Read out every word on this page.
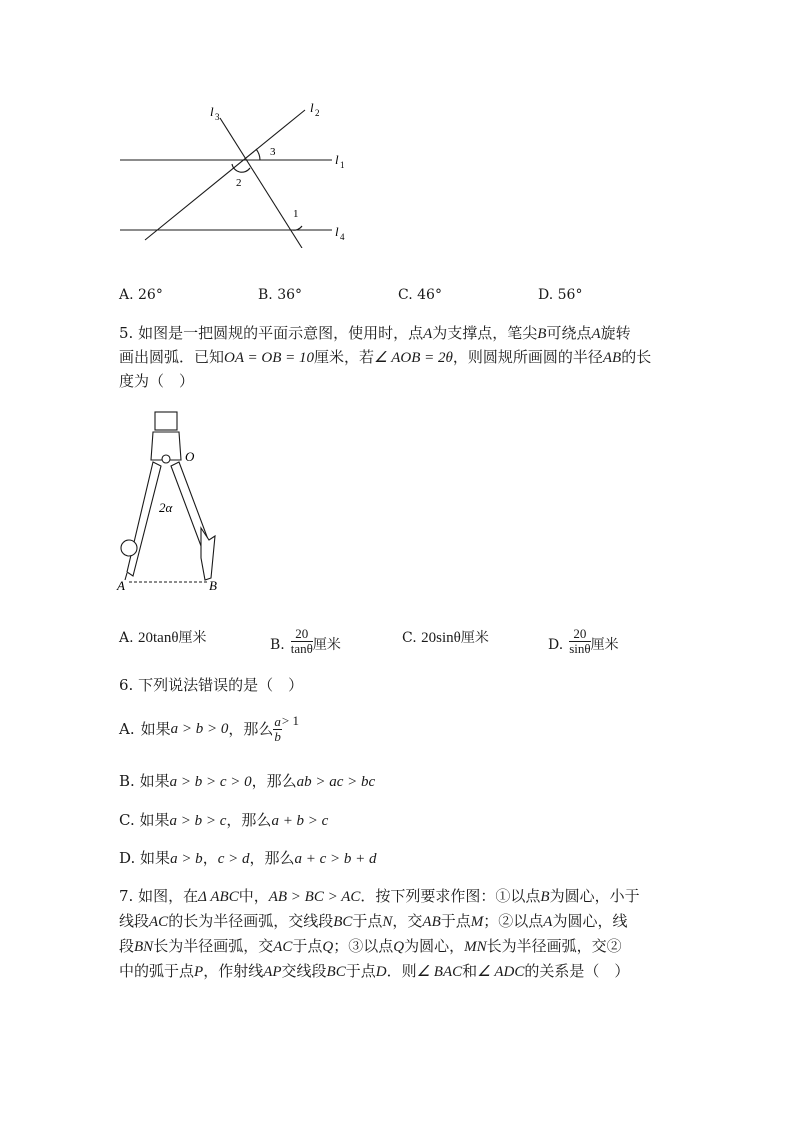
l 3
l 2
l 1
l 4
3
2
1
A. 26°	B. 36°	C. 46°	D. 56°
5. 如图是一把圆规的平面示意图，使用时，点A为支撑点，笔尖B可绕点A旋转
画出圆弧．已知OA = OB = 10厘米，若∠ AOB = 2θ，则圆规所画圆的半径AB的长
度为（　）
O
2α
A	B
A. 20tanθ厘米	B. $\frac{20}{\tan\theta}$ 厘米	C. 20sinθ厘米	D. $\frac{20}{\sin\theta}$ 厘米
6. 下列说法错误的是（　）
A. 如果 a > b > 0 ，那么 $\frac{a}{b} > 1$
B. 如果a > b > c > 0，那么ab > ac > bc
C. 如果a > b > c，那么a + b > c
D. 如果a > b，c > d，那么a + c > b + d
7. 如图，在Δ ABC中，AB > BC > AC．按下列要求作图：①以点B为圆心，小于
线段AC的长为半径画弧，交线段BC于点N，交AB于点M；②以点A为圆心，线
段BN长为半径画弧，交AC于点Q；③以点Q为圆心，MN长为半径画弧，交②
中的弧于点P，作射线AP交线段BC于点D．则∠ BAC和∠ ADC的关系是（　）
